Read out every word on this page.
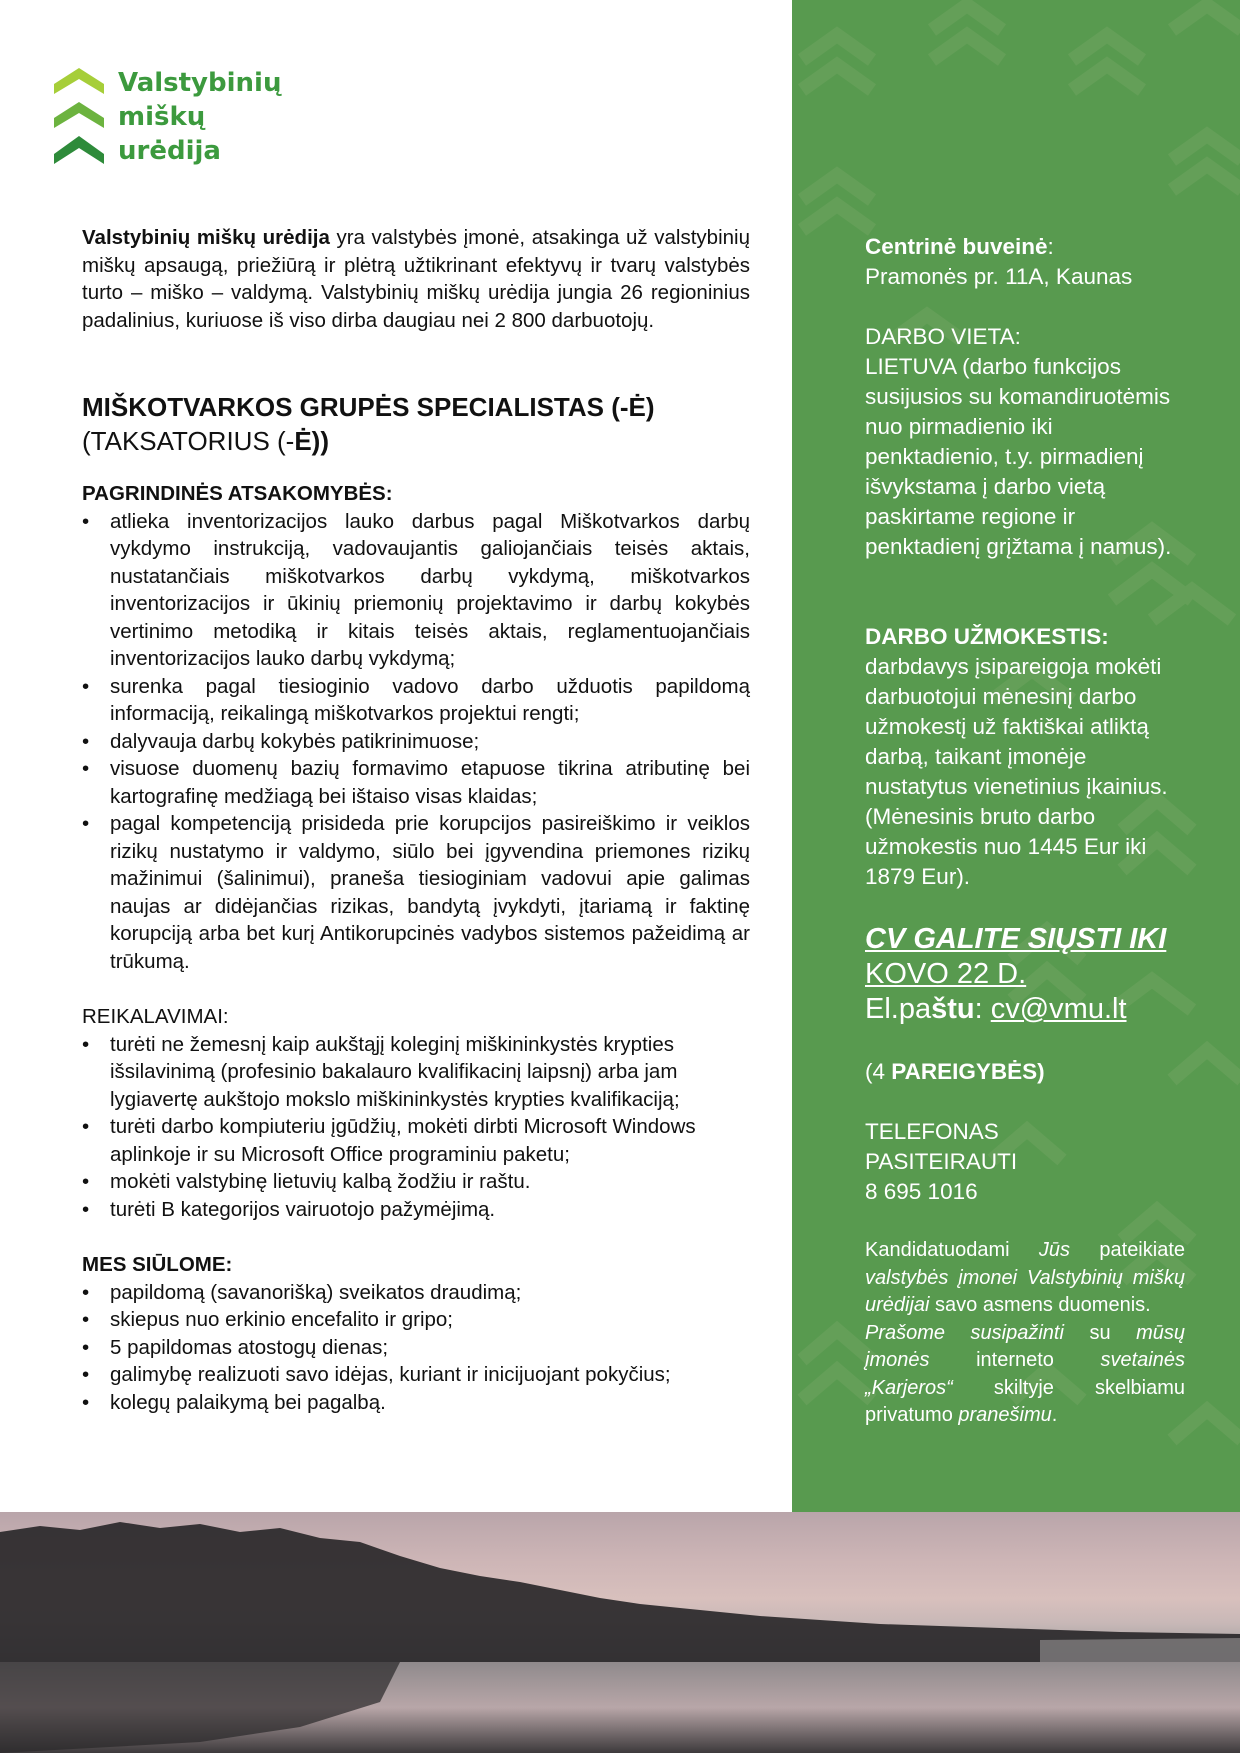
Valstybinių
miškų
urėdija

Valstybinių miškų urėdija yra valstybės įmonė, atsakinga už valstybinių miškų apsaugą, priežiūrą ir plėtrą užtikrinant efektyvų ir tvarų valstybės turto – miško – valdymą. Valstybinių miškų urėdija jungia 26 regioninius padalinius, kuriuose iš viso dirba daugiau nei 2 800 darbuotojų.

MIŠKOTVARKOS GRUPĖS SPECIALISTAS (-Ė)
(TAKSATORIUS (-Ė))
PAGRINDINĖS ATSAKOMYBĖS:
• atlieka inventorizacijos lauko darbus pagal Miškotvarkos darbų vykdymo instrukciją, vadovaujantis galiojančiais teisės aktais, nustatančiais miškotvarkos darbų vykdymą, miškotvarkos inventorizacijos ir ūkinių priemonių projektavimo ir darbų kokybės vertinimo metodiką ir kitais teisės aktais, reglamentuojančiais inventorizacijos lauko darbų vykdymą;
• surenka pagal tiesioginio vadovo darbo užduotis papildomą informaciją, reikalingą miškotvarkos projektui rengti;
• dalyvauja darbų kokybės patikrinimuose;
• visuose duomenų bazių formavimo etapuose tikrina atributinę bei kartografinę medžiagą bei ištaiso visas klaidas;
• pagal kompetenciją prisideda prie korupcijos pasireiškimo ir veiklos rizikų nustatymo ir valdymo, siūlo bei įgyvendina priemones rizikų mažinimui (šalinimui), praneša tiesioginiam vadovui apie galimas naujas ar didėjančias rizikas, bandytą įvykdyti, įtariamą ir faktinę korupciją arba bet kurį Antikorupcinės vadybos sistemos pažeidimą ar trūkumą.
REIKALAVIMAI:
• turėti ne žemesnį kaip aukštąjį koleginį miškininkystės krypties išsilavinimą (profesinio bakalauro kvalifikacinį laipsnį) arba jam lygiavertę aukštojo mokslo miškininkystės krypties kvalifikaciją;
• turėti darbo kompiuteriu įgūdžių, mokėti dirbti Microsoft Windows aplinkoje ir su Microsoft Office programiniu paketu;
• mokėti valstybinę lietuvių kalbą žodžiu ir raštu.
• turėti B kategorijos vairuotojo pažymėjimą.
MES SIŪLOME:
• papildomą (savanorišką) sveikatos draudimą;
• skiepus nuo erkinio encefalito ir gripo;
• 5 papildomas atostogų dienas;
• galimybę realizuoti savo idėjas, kuriant ir inicijuojant pokyčius;
• kolegų palaikymą bei pagalbą.

Centrinė buveinė:
Pramonės pr. 11A, Kaunas

DARBO VIETA:
LIETUVA (darbo funkcijos susijusios su komandiruotėmis nuo pirmadienio iki penktadienio, t.y. pirmadienį išvykstama į darbo vietą paskirtame regione ir penktadienį grįžtama į namus).

DARBO UŽMOKESTIS:
darbdavys įsipareigoja mokėti darbuotojui mėnesinį darbo užmokestį už faktiškai atliktą darbą, taikant įmonėje nustatytus vienetinius įkainius. (Mėnesinis bruto darbo užmokestis nuo 1445 Eur iki 1879 Eur).

CV GALITE SIŲSTI IKI
KOVO 22 D.
El.paštu: cv@vmu.lt

(4 PAREIGYBĖS)

TELEFONAS
PASITEIRAUTI
8 695 1016

Kandidatuodami Jūs pateikiate valstybės įmonei Valstybinių miškų urėdijai savo asmens duomenis.
Prašome susipažinti su mūsų įmonės interneto svetainės „Karjeros“ skiltyje skelbiamu privatumo pranešimu.
